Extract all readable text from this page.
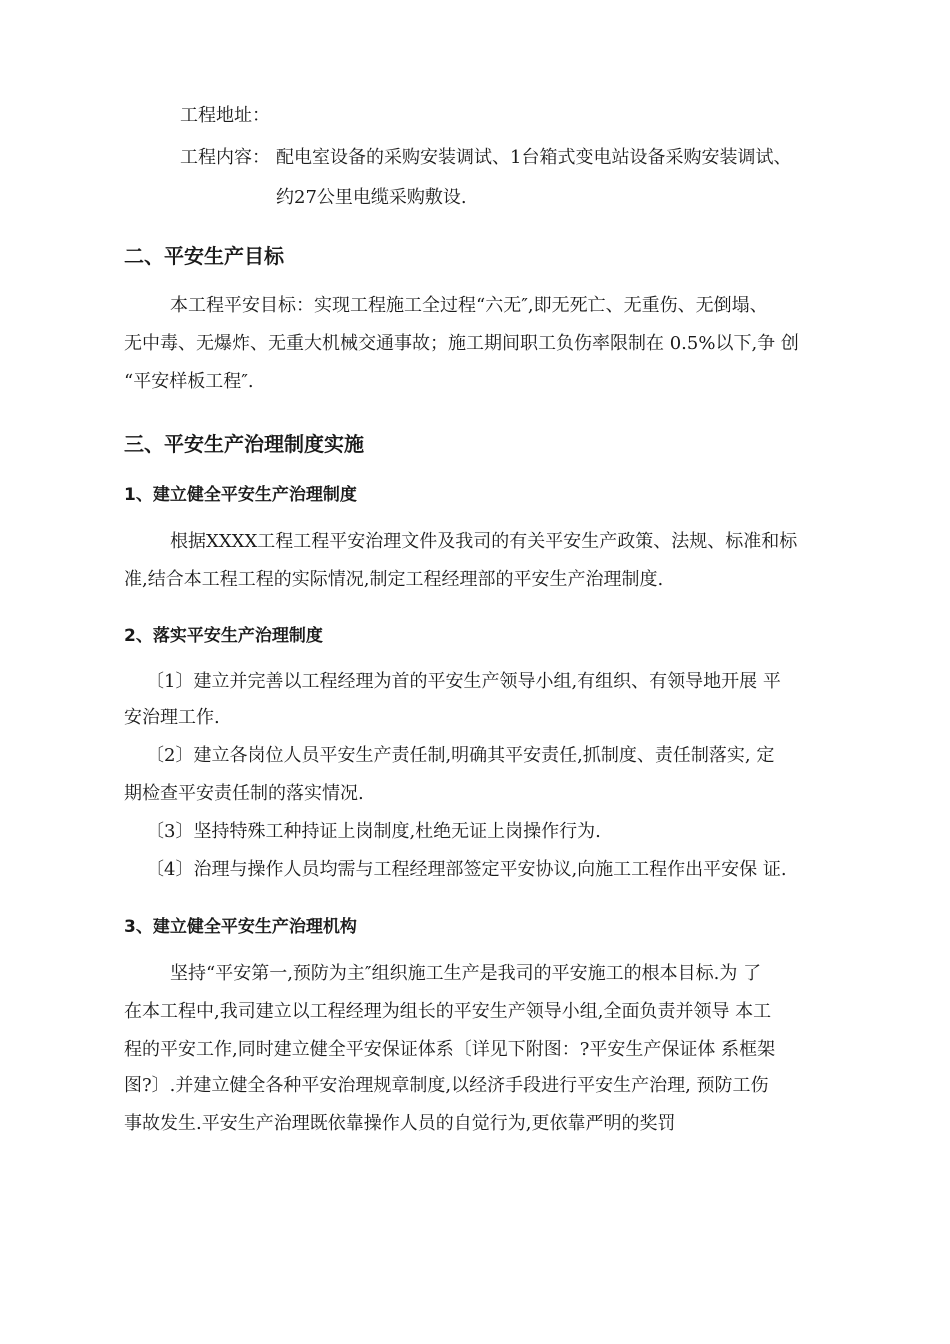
工程地址：
工程内容： 配电室设备的采购安装调试、1台箱式变电站设备采购安装调试、
约27公里电缆采购敷设.
二、平安生产目标
本工程平安目标：实现工程施工全过程“六无″,即无死亡、无重伤、无倒塌、
无中毒、无爆炸、无重大机械交通事故；施工期间职工负伤率限制在 0.5%以下,争 创
“平安样板工程″.
三、平安生产治理制度实施
1、建立健全平安生产治理制度
根据XXXX工程工程平安治理文件及我司的有关平安生产政策、法规、标准和标
准,结合本工程工程的实际情况,制定工程经理部的平安生产治理制度.
2、落实平安生产治理制度
〔1〕建立并完善以工程经理为首的平安生产领导小组,有组织、有领导地开展 平
安治理工作.
〔2〕建立各岗位人员平安生产责任制,明确其平安责任,抓制度、责任制落实, 定
期检查平安责任制的落实情况.
〔3〕坚持特殊工种持证上岗制度,杜绝无证上岗操作行为.
〔4〕治理与操作人员均需与工程经理部签定平安协议,向施工工程作出平安保 证.
3、建立健全平安生产治理机构
坚持“平安第一,预防为主″组织施工生产是我司的平安施工的根本目标.为 了
在本工程中,我司建立以工程经理为组长的平安生产领导小组,全面负责并领导 本工
程的平安工作,同时建立健全平安保证体系〔详见下附图：?平安生产保证体 系框架
图?〕.并建立健全各种平安治理规章制度,以经济手段进行平安生产治理, 预防工伤
事故发生.平安生产治理既依靠操作人员的自觉行为,更依靠严明的奖罚
